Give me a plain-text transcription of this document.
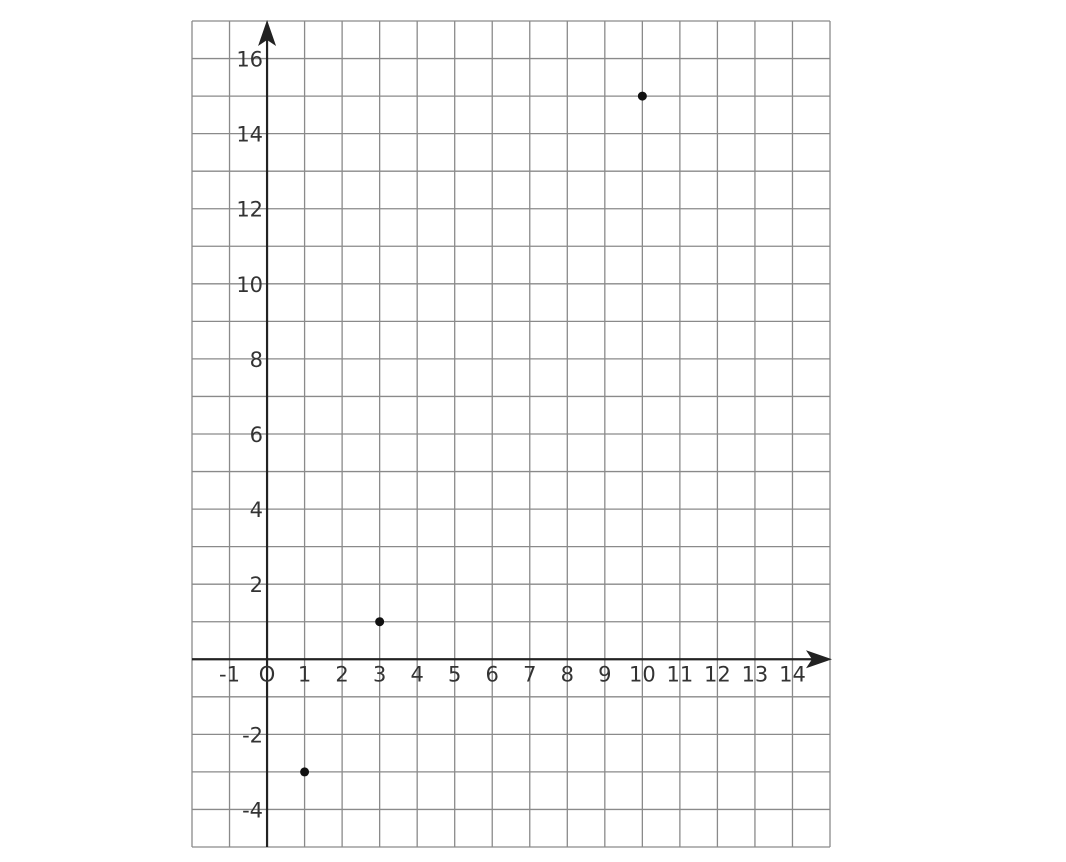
-1 O 1 2 3 4 5 6 7 8 9 10 11 12 13 14
16
14
12
10
8
6
4
2
-2
-4
